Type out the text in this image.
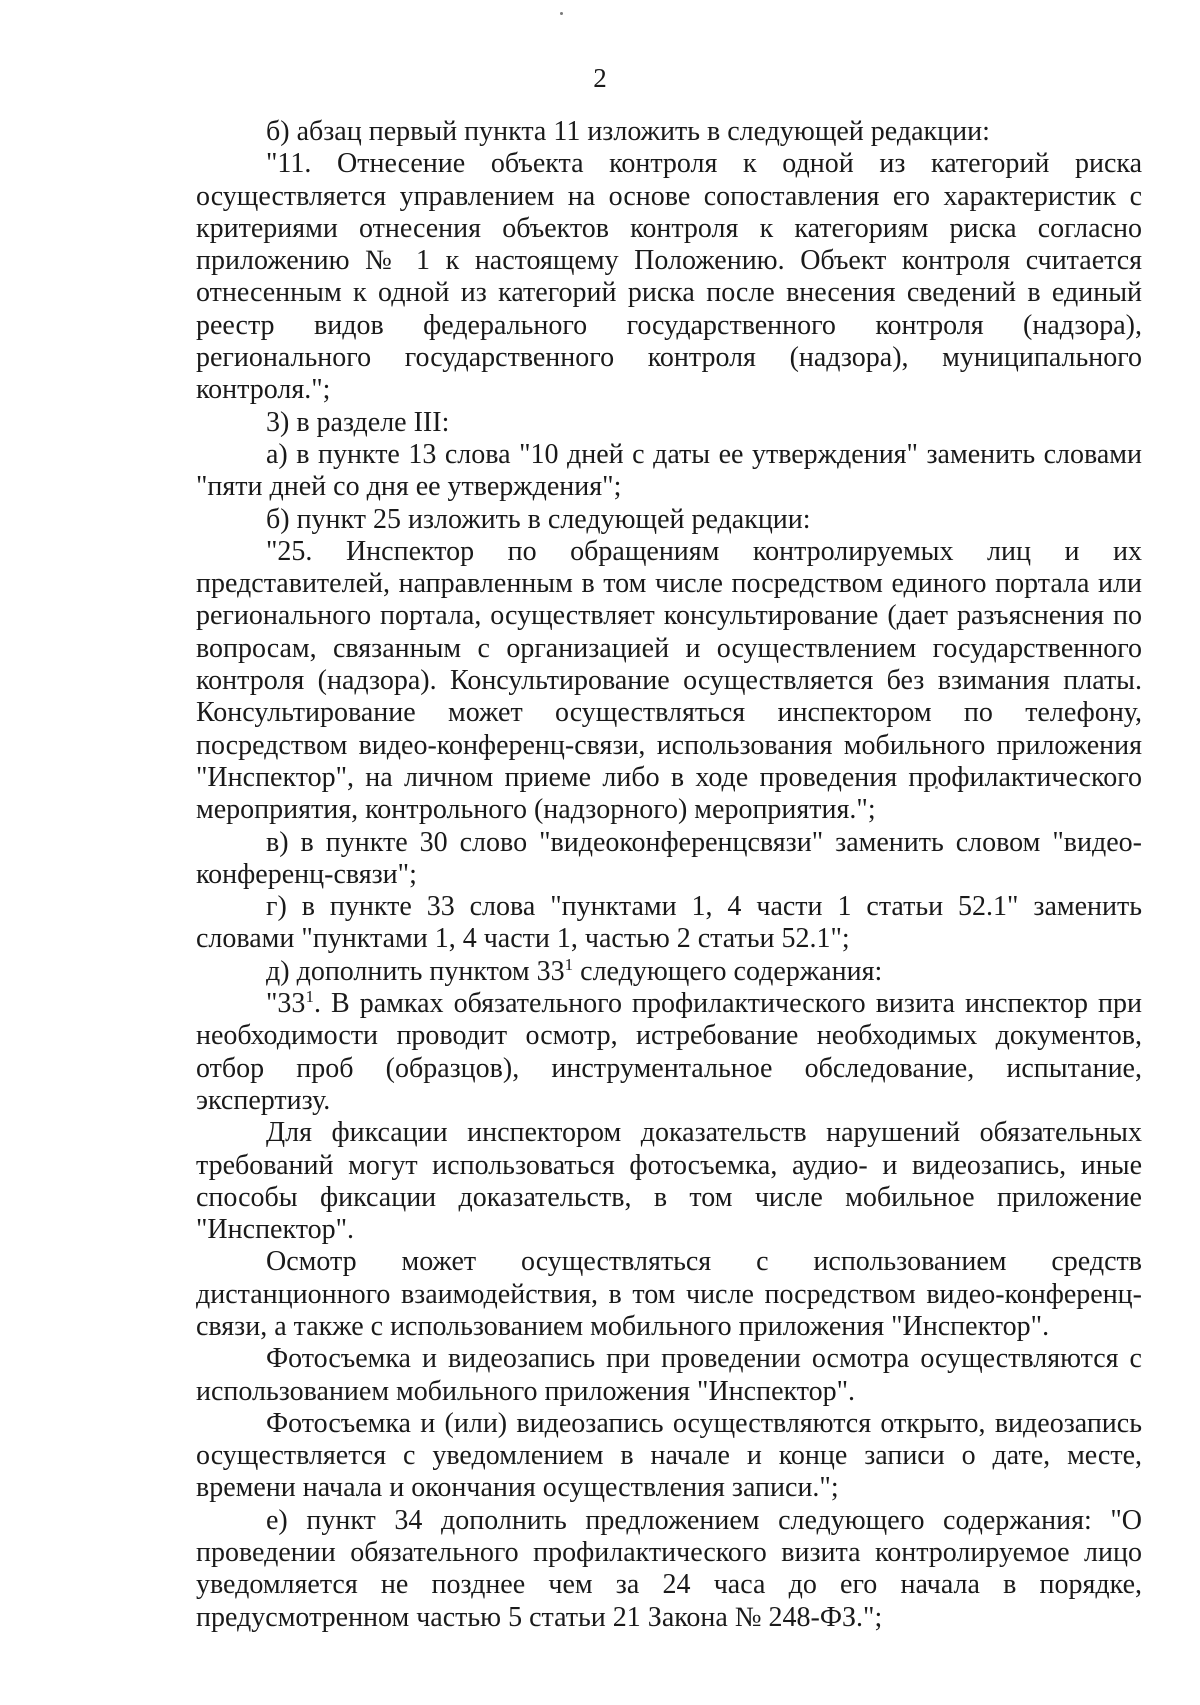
2

б) абзац первый пункта 11 изложить в следующей редакции:

"11. Отнесение объекта контроля к одной из категорий риска осуществляется управлением на основе сопоставления его характеристик с критериями отнесения объектов контроля к категориям риска согласно приложению № 1 к настоящему Положению. Объект контроля считается отнесенным к одной из категорий риска после внесения сведений в единый реестр видов федерального государственного контроля (надзора), регионального государственного контроля (надзора), муниципального контроля.";

3) в разделе III:

а) в пункте 13 слова "10 дней с даты ее утверждения" заменить словами "пяти дней со дня ее утверждения";

б) пункт 25 изложить в следующей редакции:

"25. Инспектор по обращениям контролируемых лиц и их представителей, направленным в том числе посредством единого портала или регионального портала, осуществляет консультирование (дает разъяснения по вопросам, связанным с организацией и осуществлением государственного контроля (надзора). Консультирование осуществляется без взимания платы. Консультирование может осуществляться инспектором по телефону, посредством видео-конференц-связи, использования мобильного приложения "Инспектор", на личном приеме либо в ходе проведения профилактического мероприятия, контрольного (надзорного) мероприятия.";

в) в пункте 30 слово "видеоконференцсвязи" заменить словом "видео-конференц-связи";

г) в пункте 33 слова "пунктами 1, 4 части 1 статьи 52.1" заменить словами "пунктами 1, 4 части 1, частью 2 статьи 52.1";

д) дополнить пунктом $33^1$ следующего содержания:

"$33^1$. В рамках обязательного профилактического визита инспектор при необходимости проводит осмотр, истребование необходимых документов, отбор проб (образцов), инструментальное обследование, испытание, экспертизу.

Для фиксации инспектором доказательств нарушений обязательных требований могут использоваться фотосъемка, аудио- и видеозапись, иные способы фиксации доказательств, в том числе мобильное приложение "Инспектор".

Осмотр может осуществляться с использованием средств дистанционного взаимодействия, в том числе посредством видео-конференц-связи, а также с использованием мобильного приложения "Инспектор".

Фотосъемка и видеозапись при проведении осмотра осуществляются с использованием мобильного приложения "Инспектор".

Фотосъемка и (или) видеозапись осуществляются открыто, видеозапись осуществляется с уведомлением в начале и конце записи о дате, месте, времени начала и окончания осуществления записи.";

е) пункт 34 дополнить предложением следующего содержания: "О проведении обязательного профилактического визита контролируемое лицо уведомляется не позднее чем за 24 часа до его начала в порядке, предусмотренном частью 5 статьи 21 Закона № 248-ФЗ.";
